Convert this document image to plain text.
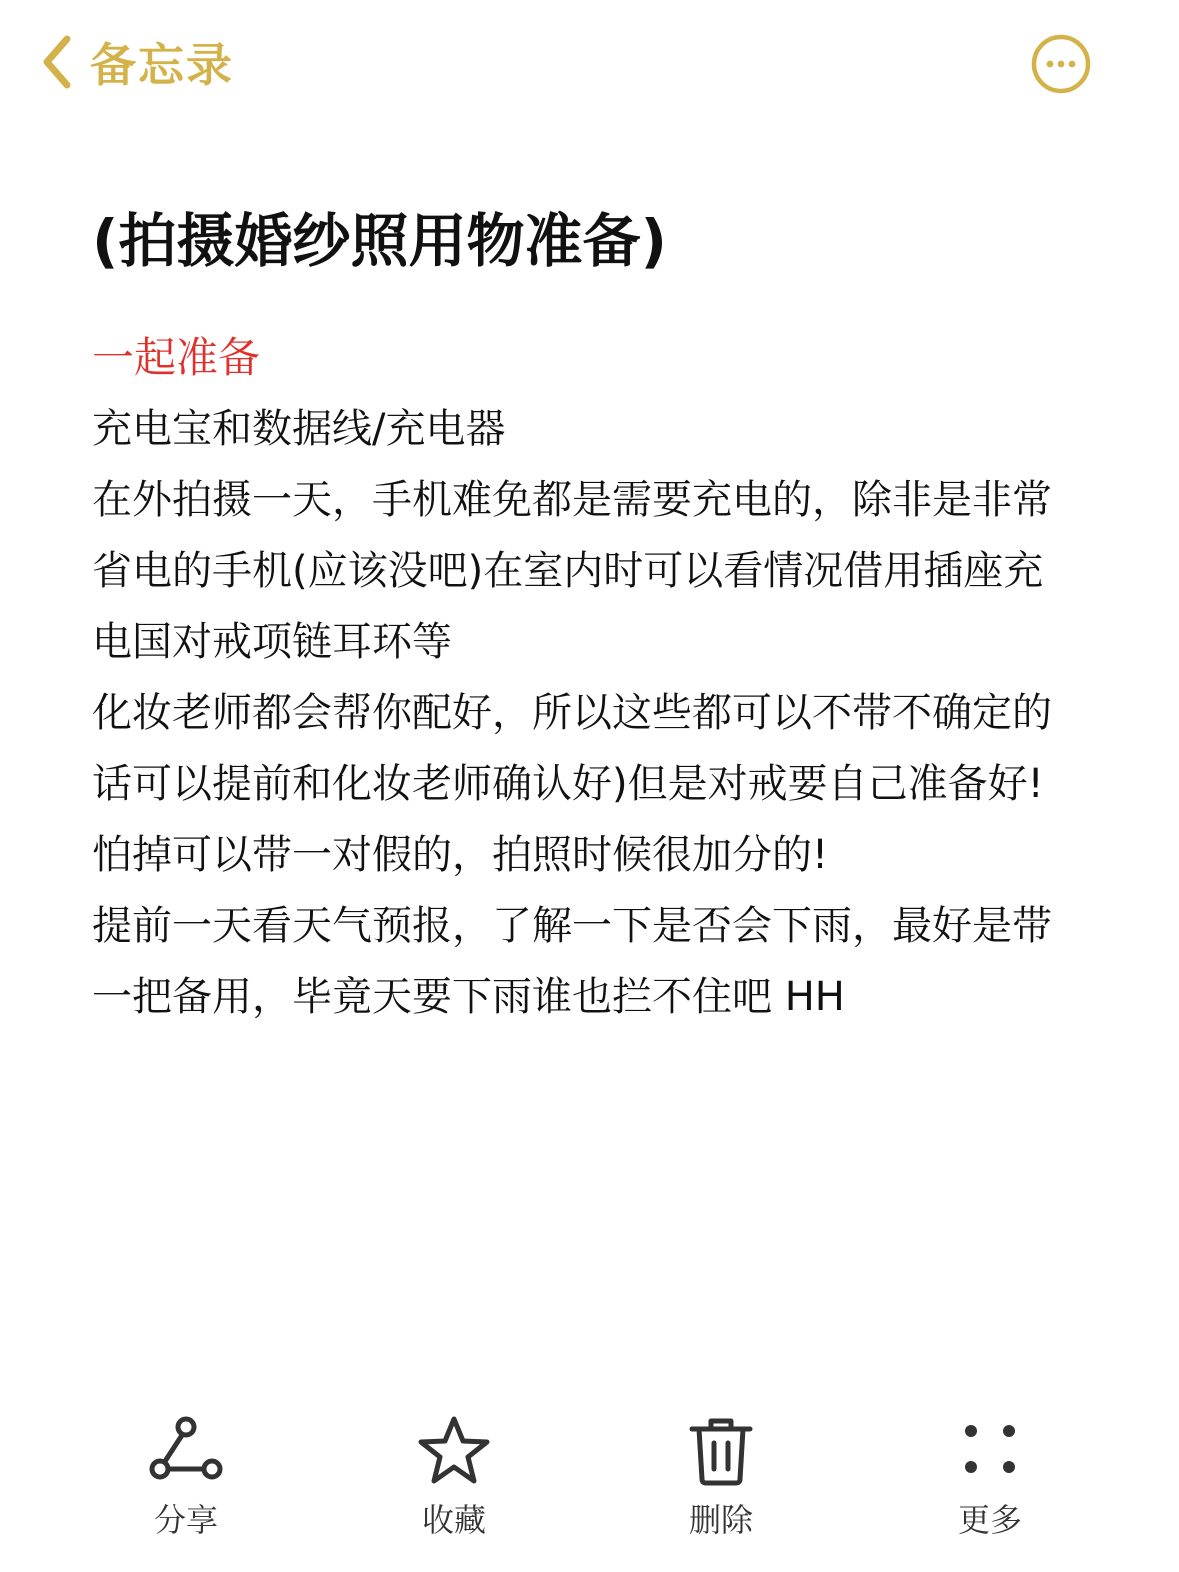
备忘录
(拍摄婚纱照用物准备)
一起准备
充电宝和数据线/充电器
在外拍摄一天，手机难免都是需要充电的，除非是非常省电的手机(应该没吧)在室内时可以看情况借用插座充电国对戒项链耳环等
化妆老师都会帮你配好，所以这些都可以不带不确定的话可以提前和化妆老师确认好)但是对戒要自己准备好!怕掉可以带一对假的，拍照时候很加分的!
提前一天看天气预报，了解一下是否会下雨，最好是带一把备用，毕竟天要下雨谁也拦不住吧 HH
分享	收藏	删除	更多
